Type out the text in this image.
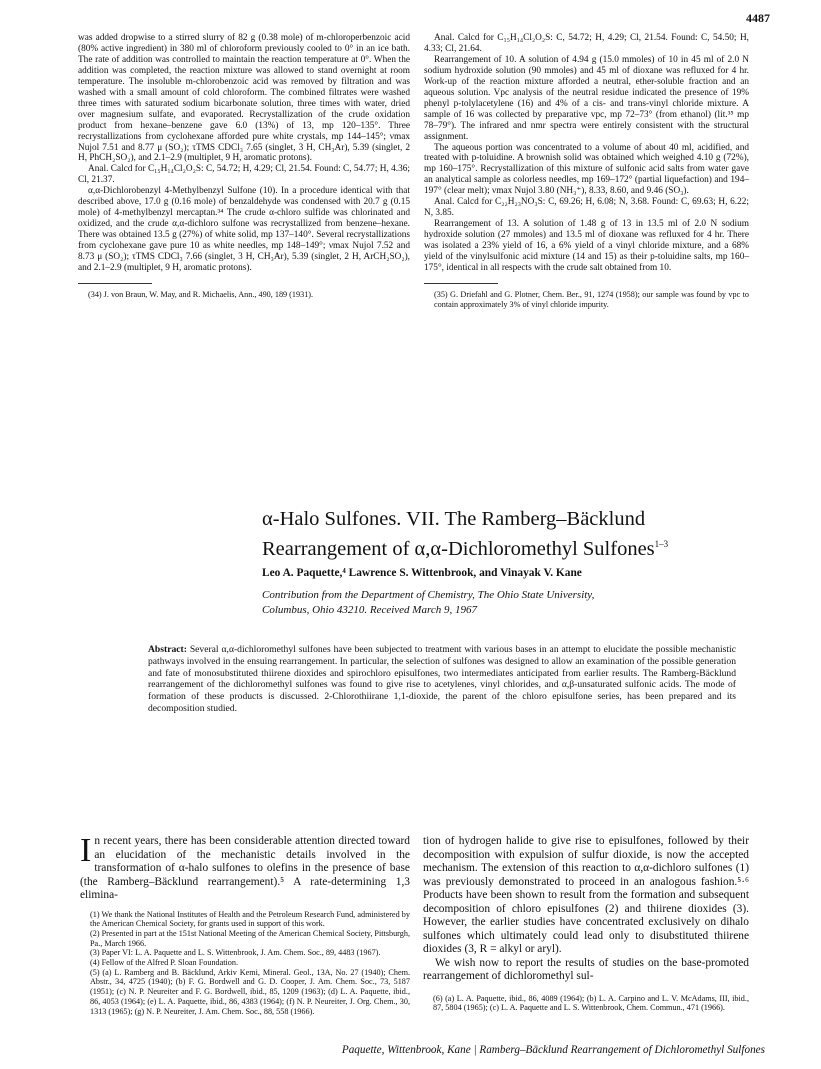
4487

was added dropwise to a stirred slurry of 82 g (0.38 mole) of m-chloroperbenzoic acid (80% active ingredient) in 380 ml of chloroform previously cooled to 0° in an ice bath. The rate of addition was controlled to maintain the reaction temperature at 0°. When the addition was completed, the reaction mixture was allowed to stand overnight at room temperature. The insoluble m-chlorobenzoic acid was removed by filtration and was washed with a small amount of cold chloroform. The combined filtrates were washed three times with saturated sodium bicarbonate solution, three times with water, dried over magnesium sulfate, and evaporated. Recrystallization of the crude oxidation product from hexane–benzene gave 6.0 (13%) of 13, mp 120–135°. Three recrystallizations from cyclohexane afforded pure white crystals, mp 144–145°; νmax Nujol 7.51 and 8.77 μ (SO₂); τTMS CDCl₃ 7.65 (singlet, 3 H, CH₃Ar), 5.39 (singlet, 2 H, PhCH₂SO₂), and 2.1–2.9 (multiplet, 9 H, aromatic protons).

Anal. Calcd for C₁₅H₁₄Cl₂O₂S: C, 54.72; H, 4.29; Cl, 21.54. Found: C, 54.77; H, 4.36; Cl, 21.37.

α,α-Dichlorobenzyl 4-Methylbenzyl Sulfone (10). In a procedure identical with that described above, 17.0 g (0.16 mole) of benzaldehyde was condensed with 20.7 g (0.15 mole) of 4-methylbenzyl mercaptan.³⁴ The crude α-chloro sulfide was chlorinated and oxidized, and the crude α,α-dichloro sulfone was recrystallized from benzene–hexane. There was obtained 13.5 g (27%) of white solid, mp 137–140°. Several recrystallizations from cyclohexane gave pure 10 as white needles, mp 148–149°; νmax Nujol 7.52 and 8.73 μ (SO₂); τTMS CDCl₃ 7.66 (singlet, 3 H, CH₃Ar), 5.39 (singlet, 2 H, ArCH₂SO₂), and 2.1–2.9 (multiplet, 9 H, aromatic protons).

(34) J. von Braun, W. May, and R. Michaelis, Ann., 490, 189 (1931).

Anal. Calcd for C₁₅H₁₄Cl₂O₂S: C, 54.72; H, 4.29; Cl, 21.54. Found: C, 54.50; H, 4.33; Cl, 21.64.

Rearrangement of 10. A solution of 4.94 g (15.0 mmoles) of 10 in 45 ml of 2.0 N sodium hydroxide solution (90 mmoles) and 45 ml of dioxane was refluxed for 4 hr. Work-up of the reaction mixture afforded a neutral, ether-soluble fraction and an aqueous solution. Vpc analysis of the neutral residue indicated the presence of 19% phenyl p-tolylacetylene (16) and 4% of a cis- and trans-vinyl chloride mixture. A sample of 16 was collected by preparative vpc, mp 72–73° (from ethanol) (lit.³⁵ mp 78–79°). The infrared and nmr spectra were entirely consistent with the structural assignment.

The aqueous portion was concentrated to a volume of about 40 ml, acidified, and treated with p-toluidine. A brownish solid was obtained which weighed 4.10 g (72%), mp 160–175°. Recrystallization of this mixture of sulfonic acid salts from water gave an analytical sample as colorless needles, mp 169–172° (partial liquefaction) and 194–197° (clear melt); νmax Nujol 3.80 (NH₃⁺), 8.33, 8.60, and 9.46 (SO₃).

Anal. Calcd for C₂₂H₂₃NO₃S: C, 69.26; H, 6.08; N, 3.68. Found: C, 69.63; H, 6.22; N, 3.85.

Rearrangement of 13. A solution of 1.48 g of 13 in 13.5 ml of 2.0 N sodium hydroxide solution (27 mmoles) and 13.5 ml of dioxane was refluxed for 4 hr. There was isolated a 23% yield of 16, a 6% yield of a vinyl chloride mixture, and a 68% yield of the vinylsulfonic acid mixture (14 and 15) as their p-toluidine salts, mp 160–175°, identical in all respects with the crude salt obtained from 10.

(35) G. Driefahl and G. Plotner, Chem. Ber., 91, 1274 (1958); our sample was found by vpc to contain approximately 3% of vinyl chloride impurity.

α-Halo Sulfones. VII. The Ramberg–Bäcklund

Rearrangement of α,α-Dichloromethyl Sulfones$^{1-3}$

Leo A. Paquette,⁴ Lawrence S. Wittenbrook, and Vinayak V. Kane

Contribution from the Department of Chemistry, The Ohio State University,
Columbus, Ohio 43210. Received March 9, 1967

Abstract: Several α,α-dichloromethyl sulfones have been subjected to treatment with various bases in an attempt to elucidate the possible mechanistic pathways involved in the ensuing rearrangement. In particular, the selection of sulfones was designed to allow an examination of the possible generation and fate of monosubstituted thiirene dioxides and spirochloro episulfones, two intermediates anticipated from earlier results. The Ramberg-Bäcklund rearrangement of the dichloromethyl sulfones was found to give rise to acetylenes, vinyl chlorides, and α,β-unsaturated sulfonic acids. The mode of formation of these products is discussed. 2-Chlorothiirane 1,1-dioxide, the parent of the chloro episulfone series, has been prepared and its decomposition studied.

In recent years, there has been considerable attention directed toward an elucidation of the mechanistic details involved in the transformation of α-halo sulfones to olefins in the presence of base (the Ramberg–Bäcklund rearrangement).⁵ A rate-determining 1,3 elimina-

(1) We thank the National Institutes of Health and the Petroleum Research Fund, administered by the American Chemical Society, for grants used in support of this work.

(2) Presented in part at the 151st National Meeting of the American Chemical Society, Pittsburgh, Pa., March 1966.

(3) Paper VI: L. A. Paquette and L. S. Wittenbrook, J. Am. Chem. Soc., 89, 4483 (1967).

(4) Fellow of the Alfred P. Sloan Foundation.

(5) (a) L. Ramberg and B. Bäcklund, Arkiv Kemi, Mineral. Geol., 13A, No. 27 (1940); Chem. Abstr., 34, 4725 (1940); (b) F. G. Bordwell and G. D. Cooper, J. Am. Chem. Soc., 73, 5187 (1951); (c) N. P. Neureiter and F. G. Bordwell, ibid., 85, 1209 (1963); (d) L. A. Paquette, ibid., 86, 4053 (1964); (e) L. A. Paquette, ibid., 86, 4383 (1964); (f) N. P. Neureiter, J. Org. Chem., 30, 1313 (1965); (g) N. P. Neureiter, J. Am. Chem. Soc., 88, 558 (1966).

tion of hydrogen halide to give rise to episulfones, followed by their decomposition with expulsion of sulfur dioxide, is now the accepted mechanism. The extension of this reaction to α,α-dichloro sulfones (1) was previously demonstrated to proceed in an analogous fashion.⁵·⁶ Products have been shown to result from the formation and subsequent decomposition of chloro episulfones (2) and thiirene dioxides (3). However, the earlier studies have concentrated exclusively on dihalo sulfones which ultimately could lead only to disubstituted thiirene dioxides (3, R = alkyl or aryl).

We wish now to report the results of studies on the base-promoted rearrangement of dichloromethyl sul-

(6) (a) L. A. Paquette, ibid., 86, 4089 (1964); (b) L. A. Carpino and L. V. McAdams, III, ibid., 87, 5804 (1965); (c) L. A. Paquette and L. S. Wittenbrook, Chem. Commun., 471 (1966).

Paquette, Wittenbrook, Kane | Ramberg–Bäcklund Rearrangement of Dichloromethyl Sulfones
